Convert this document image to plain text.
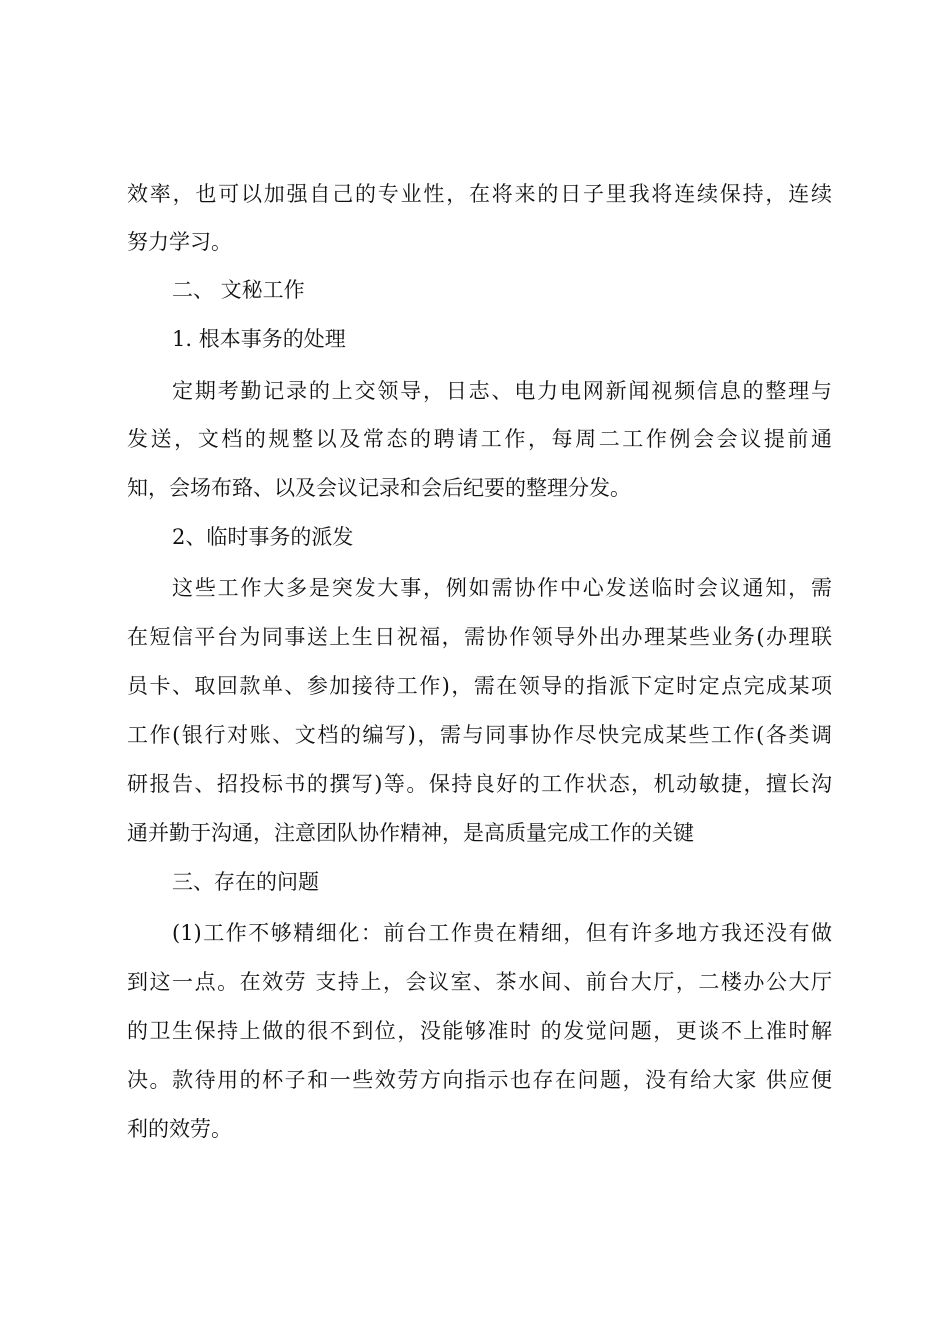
效率，也可以加强自己的专业性，在将来的日子里我将连续保持，连续
努力学习。
二、 文秘工作
1. 根本事务的处理
定期考勤记录的上交领导，日志、电力电网新闻视频信息的整理与
发送，文档的规整以及常态的聘请工作，每周二工作例会会议提前通
知，会场布臵、以及会议记录和会后纪要的整理分发。
2、临时事务的派发
这些工作大多是突发大事，例如需协作中心发送临时会议通知，需
在短信平台为同事送上生日祝福，需协作领导外出办理某些业务(办理联
员卡、取回款单、参加接待工作)，需在领导的指派下定时定点完成某项
工作(银行对账、文档的编写)，需与同事协作尽快完成某些工作(各类调
研报告、招投标书的撰写)等。保持良好的工作状态，机动敏捷，擅长沟
通并勤于沟通，注意团队协作精神，是高质量完成工作的关键
三、存在的问题
(1)工作不够精细化：前台工作贵在精细，但有许多地方我还没有做
到这一点。在效劳 支持上，会议室、茶水间、前台大厅，二楼办公大厅
的卫生保持上做的很不到位，没能够准时 的发觉问题，更谈不上准时解
决。款待用的杯子和一些效劳方向指示也存在问题，没有给大家 供应便
利的效劳。
